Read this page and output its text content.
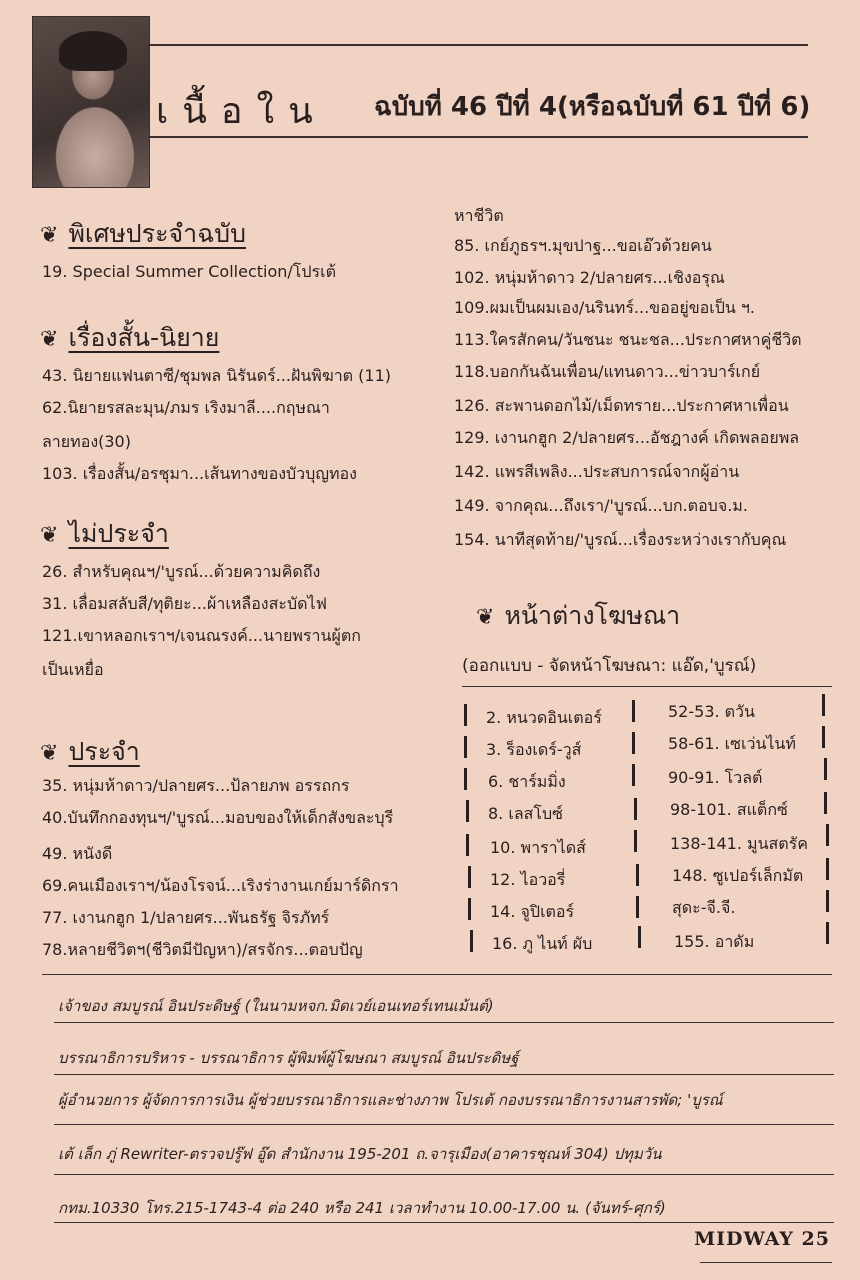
เนื้อใน ฉบับที่ 46 ปีที่ 4(หรือฉบับที่ 61 ปีที่ 6)
❦ พิเศษประจำฉบับ
19. Special Summer Collection/โปรเต้
❦ เรื่องสั้น-นิยาย
43. นิยายแฟนตาซี/ชุมพล นิรันดร์...ฝันพิฆาต (11)
62.นิยายรสละมุน/ภมร เริงมาลี....กฤษณา
ลายทอง(30)
103. เรื่องสั้น/อรชุมา...เส้นทางของบัวบุญทอง
❦ ไม่ประจำ
26. สำหรับคุณฯ/'บูรณ์...ด้วยความคิดถึง
31. เลื่อมสลับสี/ทุติยะ...ผ้าเหลืองสะบัดไฟ
121.เขาหลอกเราฯ/เจนณรงค์...นายพรานผู้ตก
เป็นเหยื่อ
❦ ประจำ
35. หนุ่มห้าดาว/ปลายศร...ป้ลายภพ อรรถกร
40.บันทึกกองทุนฯ/'บูรณ์...มอบของให้เด็กสังขละบุรี
49. หนังดี
69.คนเมืองเราฯ/น้องโรจน์...เริงร่างานเกย์มาร์ดิกรา
77. เงานกฮูก 1/ปลายศร...พันธรัฐ จิรภัทร์
78.หลายชีวิตฯ(ชีวิตมีปัญหา)/สรจักร...ตอบปัญ
หาชีวิต
85. เกย์ภูธรฯ.มุขปาฐ...ขอเอ๊วด้วยคน
102. หนุ่มห้าดาว 2/ปลายศร...เชิงอรุณ
109.ผมเป็นผมเอง/นรินทร์...ขออยู่ขอเป็น ฯ.
113.ใครสักคน/วันชนะ ชนะชล...ประกาศหาคู่ชีวิต
118.บอกกันฉันเพื่อน/แทนดาว...ข่าวบาร์เกย์
126. สะพานดอกไม้/เม็ดทราย...ประกาศหาเพื่อน
129. เงานกฮูก 2/ปลายศร...อัชฎางค์ เกิดพลอยพล
142. แพรสีเพลิง...ประสบการณ์จากผู้อ่าน
149. จากคุณ...ถึงเรา/'บูรณ์...บก.ตอบจ.ม.
154. นาทีสุดท้าย/'บูรณ์...เรื่องระหว่างเรากับคุณ
❦ หน้าต่างโฆษณา
(ออกแบบ - จัดหน้าโฆษณา: แอ๊ด,'บูรณ์)
2. หนวดอินเตอร์
3. ร็องเดร์-วูส์
6. ชาร์มมิ่ง
8. เลสโบซ์
10. พาราไดส์
12. ไอวอรี่
14. จูปิเตอร์
16. ภู ไนท์ ผับ
52-53. ตวัน
58-61. เซเว่นไนท์
90-91. โวลต์
98-101. สแต็กซ์
138-141. มูนสตรัค
148. ซูเปอร์เล็กมัต
สุดะ-จี.จี.
155. อาดัม
เจ้าของ สมบูรณ์ อินประดิษฐ์ (ในนามหจก.มิดเวย์เอนเทอร์เทนเม้นต์)
บรรณาธิการบริหาร - บรรณาธิการ ผู้พิมพ์ผู้โฆษณา สมบูรณ์ อินประดิษฐ์
ผู้อำนวยการ ผู้จัดการการเงิน ผู้ช่วยบรรณาธิการและช่างภาพ โปรเต้ กองบรรณาธิการงานสารพัด; 'บูรณ์
เต้ เล็ก ภู่ Rewriter-ตรวจปรู๊ฟ อู๊ด สำนักงาน 195-201 ถ.จารุเมือง(อาคารชุณห์ 304) ปทุมวัน
กทม.10330 โทร.215-1743-4 ต่อ 240 หรือ 241 เวลาทำงาน 10.00-17.00 น. (จันทร์-ศุกร์)
MIDWAY 25
